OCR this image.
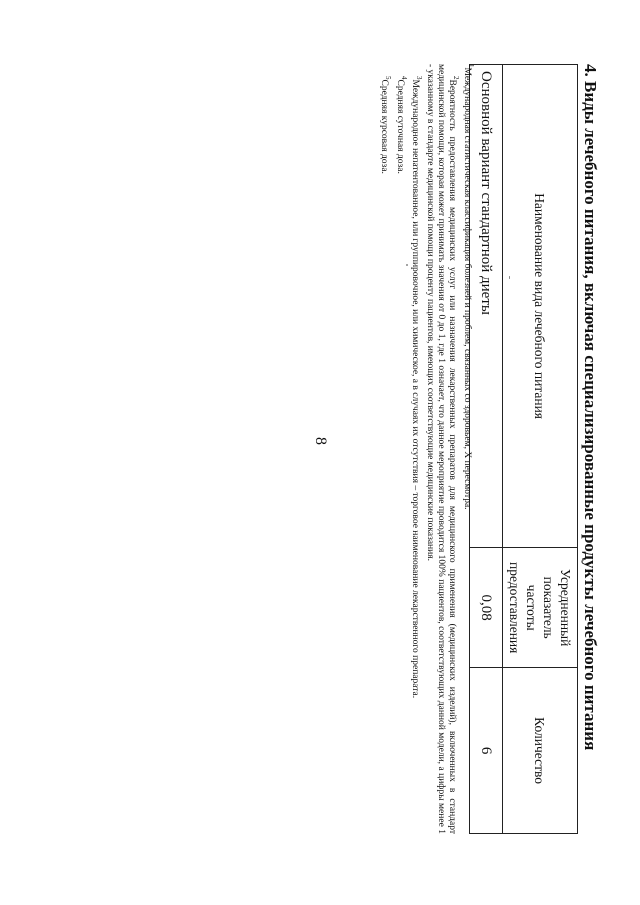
8	4. Виды лечебного питания, включая специализированные продукты лечебного питания
Наименование вида лечебного питания	Усредненный показатель частоты предоставления	Количество
Основной вариант стандартной диеты	0,08	6

$^1$Международная статистическая классификация болезней и проблем, связанных со здоровьем, X пересмотра.

$^2$Вероятность предоставления медицинских услуг или назначения лекарственных препаратов для медицинского применения (медицинских изделий), включенных в стандарт медицинской помощи, которая может принимать значения от 0 до 1, где 1 означает, что данное мероприятие проводится 100% пациентов, соответствующих данной модели, а цифры менее 1 - указанному в стандарте медицинской помощи проценту пациентов, имеющих соответствующие медицинские показания.

$^3$Международное непатентованное, или группировочное, или химическое, а в случаях их отсутствия – торговое наименование лекарственного препарата.

$^4$Средняя суточная доза.

$^5$Средняя курсовая доза.
